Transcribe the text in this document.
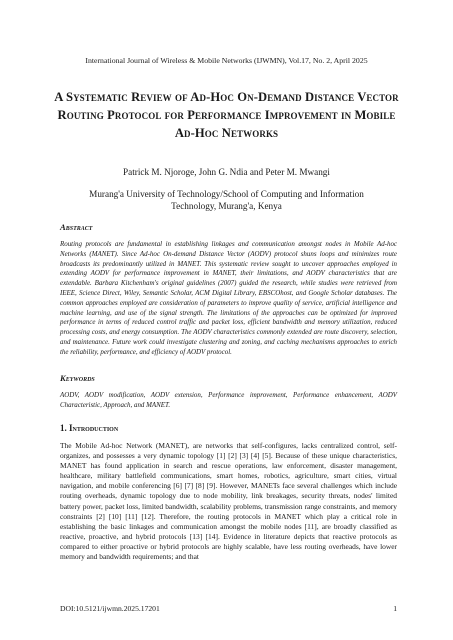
International Journal of Wireless & Mobile Networks (IJWMN), Vol.17, No. 2, April 2025
A Systematic Review of Ad-Hoc On-Demand Distance Vector Routing Protocol for Performance Improvement in Mobile Ad-Hoc Networks
Patrick M. Njoroge, John G. Ndia and Peter M. Mwangi
Murang'a University of Technology/School of Computing and Information Technology, Murang'a, Kenya
Abstract
Routing protocols are fundamental in establishing linkages and communication amongst nodes in Mobile Ad-hoc Networks (MANET). Since Ad-hoc On-demand Distance Vector (AODV) protocol shuns loops and minimizes route broadcasts its predominantly utilized in MANET. This systematic review sought to uncover approaches employed in extending AODV for performance improvement in MANET, their limitations, and AODV characteristics that are extendable. Barbara Kitchenham's original guidelines (2007) guided the research, while studies were retrieved from IEEE, Science Direct, Wiley, Semantic Scholar, ACM Digital Library, EBSCOhost, and Google Scholar databases. The common approaches employed are consideration of parameters to improve quality of service, artificial intelligence and machine learning, and use of the signal strength. The limitations of the approaches can be optimized for improved performance in terms of reduced control traffic and packet loss, efficient bandwidth and memory utilization, reduced processing costs, and energy consumption. The AODV characteristics commonly extended are route discovery, selection, and maintenance. Future work could investigate clustering and zoning, and caching mechanisms approaches to enrich the reliability, performance, and efficiency of AODV protocol.
Keywords
AODV, AODV modification, AODV extension, Performance improvement, Performance enhancement, AODV Characteristic, Approach, and MANET.
1. Introduction
The Mobile Ad-hoc Network (MANET), are networks that self-configures, lacks centralized control, self-organizes, and possesses a very dynamic topology [1] [2] [3] [4] [5]. Because of these unique characteristics, MANET has found application in search and rescue operations, law enforcement, disaster management, healthcare, military battlefield communications, smart homes, robotics, agriculture, smart cities, virtual navigation, and mobile conferencing [6] [7] [8] [9]. However, MANETs face several challenges which include routing overheads, dynamic topology due to node mobility, link breakages, security threats, nodes' limited battery power, packet loss, limited bandwidth, scalability problems, transmission range constraints, and memory constraints [2] [10] [11] [12]. Therefore, the routing protocols in MANET which play a critical role in establishing the basic linkages and communication amongst the mobile nodes [11], are broadly classified as reactive, proactive, and hybrid protocols [13] [14]. Evidence in literature depicts that reactive protocols as compared to either proactive or hybrid protocols are highly scalable, have less routing overheads, have lower memory and bandwidth requirements; and that
DOI:10.5121/ijwmn.2025.17201	1
